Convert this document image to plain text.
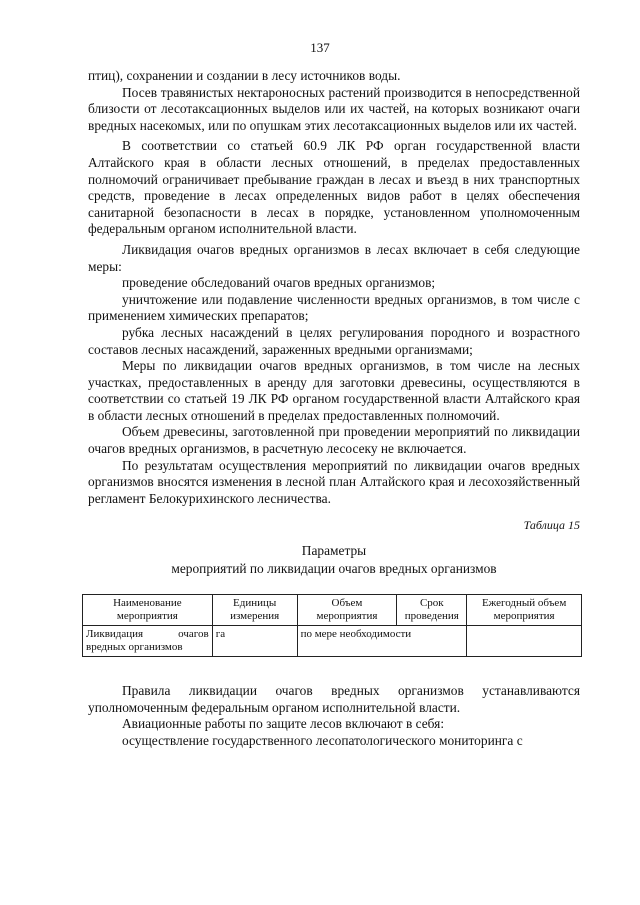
137

птиц), сохранении и создании в лесу источников воды.

Посев травянистых нектароносных растений производится в непосредственной близости от лесотаксационных выделов или их частей, на которых возникают очаги вредных насекомых, или по опушкам этих лесотаксационных выделов или их частей.

В соответствии со статьей 60.9 ЛК РФ орган государственной власти Алтайского края в области лесных отношений, в пределах предоставленных полномочий ограничивает пребывание граждан в лесах и въезд в них транспортных средств, проведение в лесах определенных видов работ в целях обеспечения санитарной безопасности в лесах в порядке, установленном уполномоченным федеральным органом исполнительной власти.

Ликвидация очагов вредных организмов в лесах включает в себя следующие меры:

проведение обследований очагов вредных организмов;

уничтожение или подавление численности вредных организмов, в том числе с применением химических препаратов;

рубка лесных насаждений в целях регулирования породного и возрастного составов лесных насаждений, зараженных вредными организмами;

Меры по ликвидации очагов вредных организмов, в том числе на лесных участках, предоставленных в аренду для заготовки древесины, осуществляются в соответствии со статьей 19 ЛК РФ органом государственной власти Алтайского края в области лесных отношений в пределах предоставленных полномочий.

Объем древесины, заготовленной при проведении мероприятий по ликвидации очагов вредных организмов, в расчетную лесосеку не включается.

По результатам осуществления мероприятий по ликвидации очагов вредных организмов вносятся изменения в лесной план Алтайского края и лесохозяйственный регламент Белокурихинского лесничества.

Таблица 15
Параметры
мероприятий по ликвидации очагов вредных организмов
Наименование мероприятия	Единицы измерения	Объем мероприятия	Срок проведения	Ежегодный объем мероприятия
Ликвидация очагов вредных организмов	га	по мере необходимости		

Правила ликвидации очагов вредных организмов устанавливаются уполномоченным федеральным органом исполнительной власти.

Авиационные работы по защите лесов включают в себя:

осуществление государственного лесопатологического мониторинга с
